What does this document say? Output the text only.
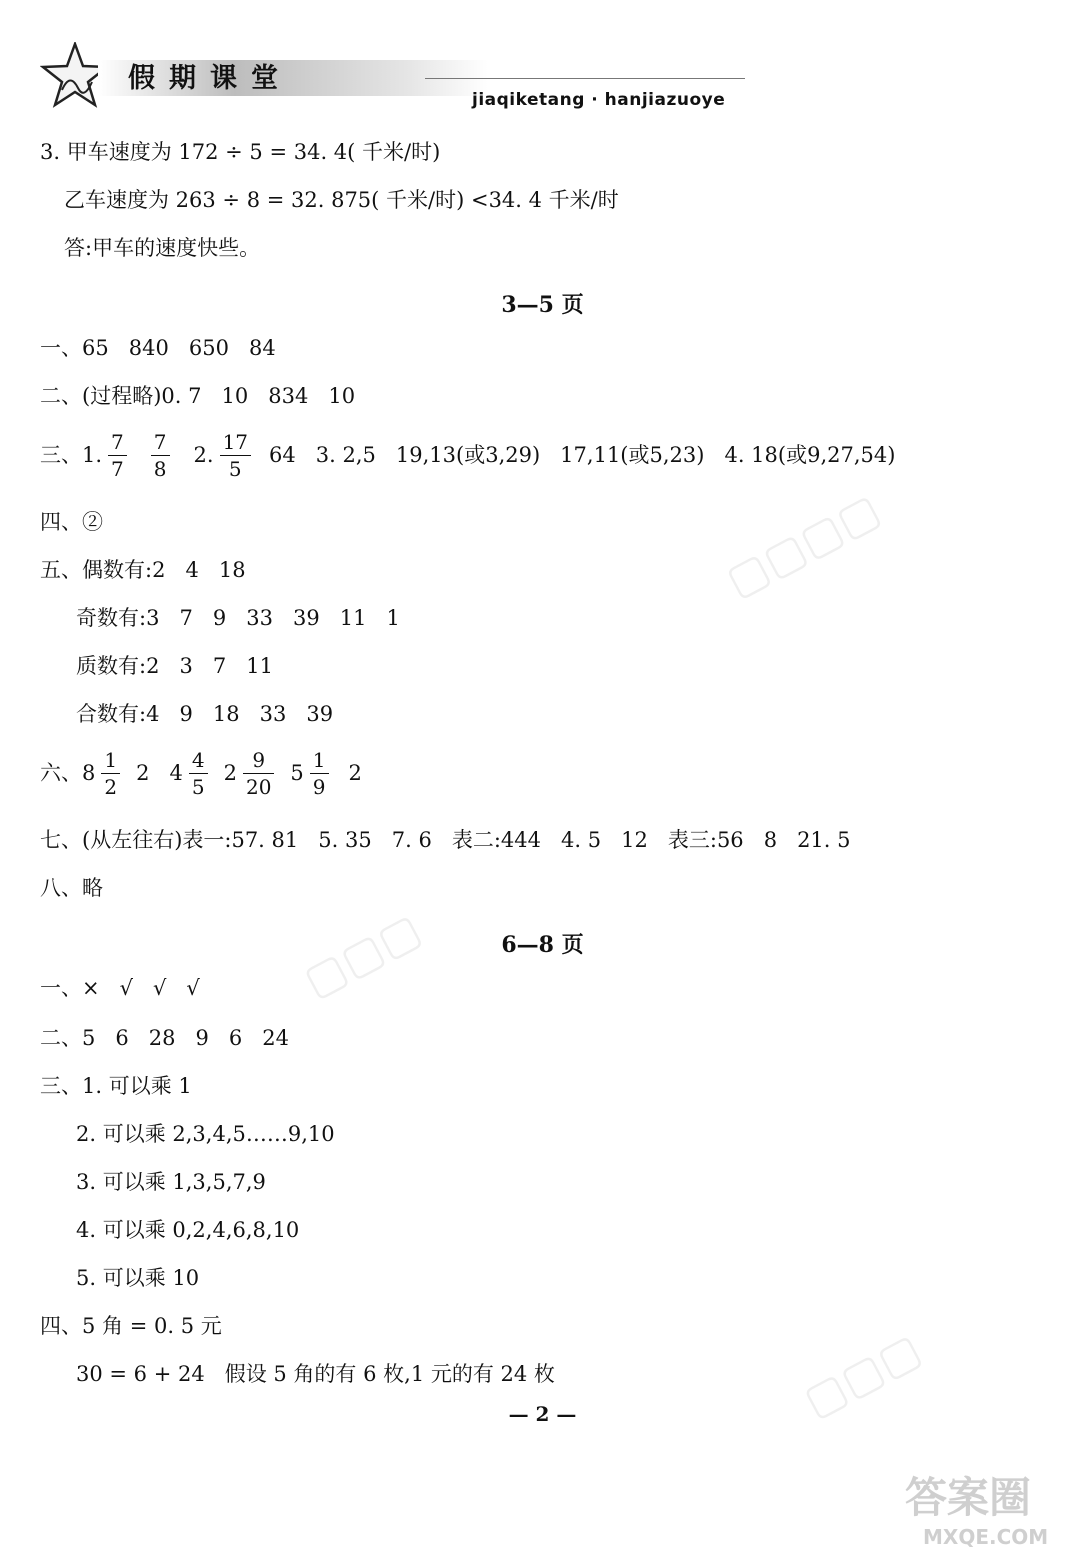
假期课堂
jiaqiketang · hanjiazuoye
3. 甲车速度为 172 ÷ 5 = 34. 4( 千米/时)
乙车速度为 263 ÷ 8 = 32. 875( 千米/时) <34. 4 千米/时
答:甲车的速度快些。
3—5 页
一、65   840   650   84
二、(过程略)0. 7   10   834   10
三、1. $\frac{7}{7} \frac{7}{8} 2$. $\frac{17}{5} 64$   3. 2,5   19,13(或3,29)   17,11(或5,23)   4. 18(或9,27,54)
四、②
五、偶数有:2   4   18
奇数有:3   7   9   33   39   11   1
质数有:2   3   7   11
合数有:4   9   18   33   39
六、$8 \frac{1}{2} 2$   $4 \frac{4}{5} 2 \frac{9}{20} 5 \frac{1}{9} 2$
七、(从左往右)表一:57. 81   5. 35   7. 6   表二:444   4. 5   12   表三:56   8   21. 5
八、略
6—8 页
一、×   √   √   √
二、5   6   28   9   6   24
三、1. 可以乘 1
2. 可以乘 2,3,4,5……9,10
3. 可以乘 1,3,5,7,9
4. 可以乘 0,2,4,6,8,10
5. 可以乘 10
四、5 角 = 0. 5 元
30 = 6 + 24   假设 5 角的有 6 枚,1 元的有 24 枚
— 2 —
▢▢▢▢
▢▢▢
▢▢▢
答案圈
MXQE.COM
